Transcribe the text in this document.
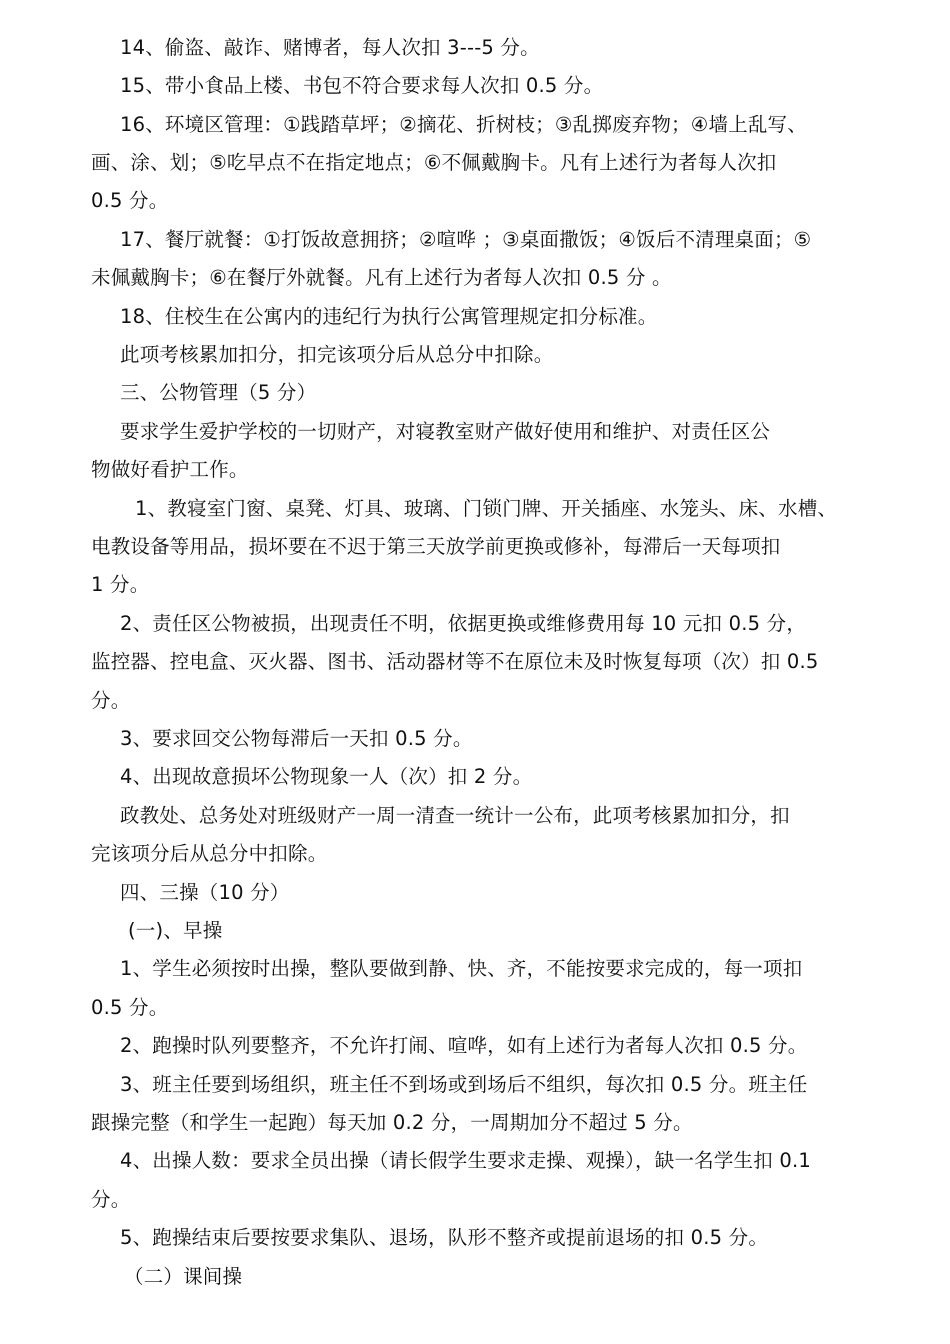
14、偷盗、敲诈、赌博者，每人次扣 3---5 分。
15、带小食品上楼、书包不符合要求每人次扣 0.5 分。
16、环境区管理：①践踏草坪；②摘花、折树枝；③乱掷废弃物；④墙上乱写、
画、涂、划；⑤吃早点不在指定地点；⑥不佩戴胸卡。凡有上述行为者每人次扣
0.5 分。
17、餐厅就餐：①打饭故意拥挤；②喧哗 ；③桌面撒饭；④饭后不清理桌面；⑤
未佩戴胸卡；⑥在餐厅外就餐。凡有上述行为者每人次扣 0.5 分 。
18、住校生在公寓内的违纪行为执行公寓管理规定扣分标准。
此项考核累加扣分，扣完该项分后从总分中扣除。
三、公物管理（5 分）
要求学生爱护学校的一切财产，对寝教室财产做好使用和维护、对责任区公
物做好看护工作。
1、教寝室门窗、桌凳、灯具、玻璃、门锁门牌、开关插座、水笼头、床、水槽、
电教设备等用品，损坏要在不迟于第三天放学前更换或修补，每滞后一天每项扣
1 分。
2、责任区公物被损，出现责任不明，依据更换或维修费用每 10 元扣 0.5 分，
监控器、控电盒、灭火器、图书、活动器材等不在原位未及时恢复每项（次）扣 0.5
分。
3、要求回交公物每滞后一天扣 0.5 分。
4、出现故意损坏公物现象一人（次）扣 2 分。
政教处、总务处对班级财产一周一清查一统计一公布，此项考核累加扣分，扣
完该项分后从总分中扣除。
四、三操（10 分）
(一)、早操
1、学生必须按时出操，整队要做到静、快、齐，不能按要求完成的，每一项扣
0.5 分。
2、跑操时队列要整齐，不允许打闹、喧哗，如有上述行为者每人次扣 0.5 分。
3、班主任要到场组织，班主任不到场或到场后不组织，每次扣 0.5 分。班主任
跟操完整（和学生一起跑）每天加 0.2 分，一周期加分不超过 5 分。
4、出操人数：要求全员出操（请长假学生要求走操、观操），缺一名学生扣 0.1
分。
5、跑操结束后要按要求集队、退场，队形不整齐或提前退场的扣 0.5 分。
（二）课间操
